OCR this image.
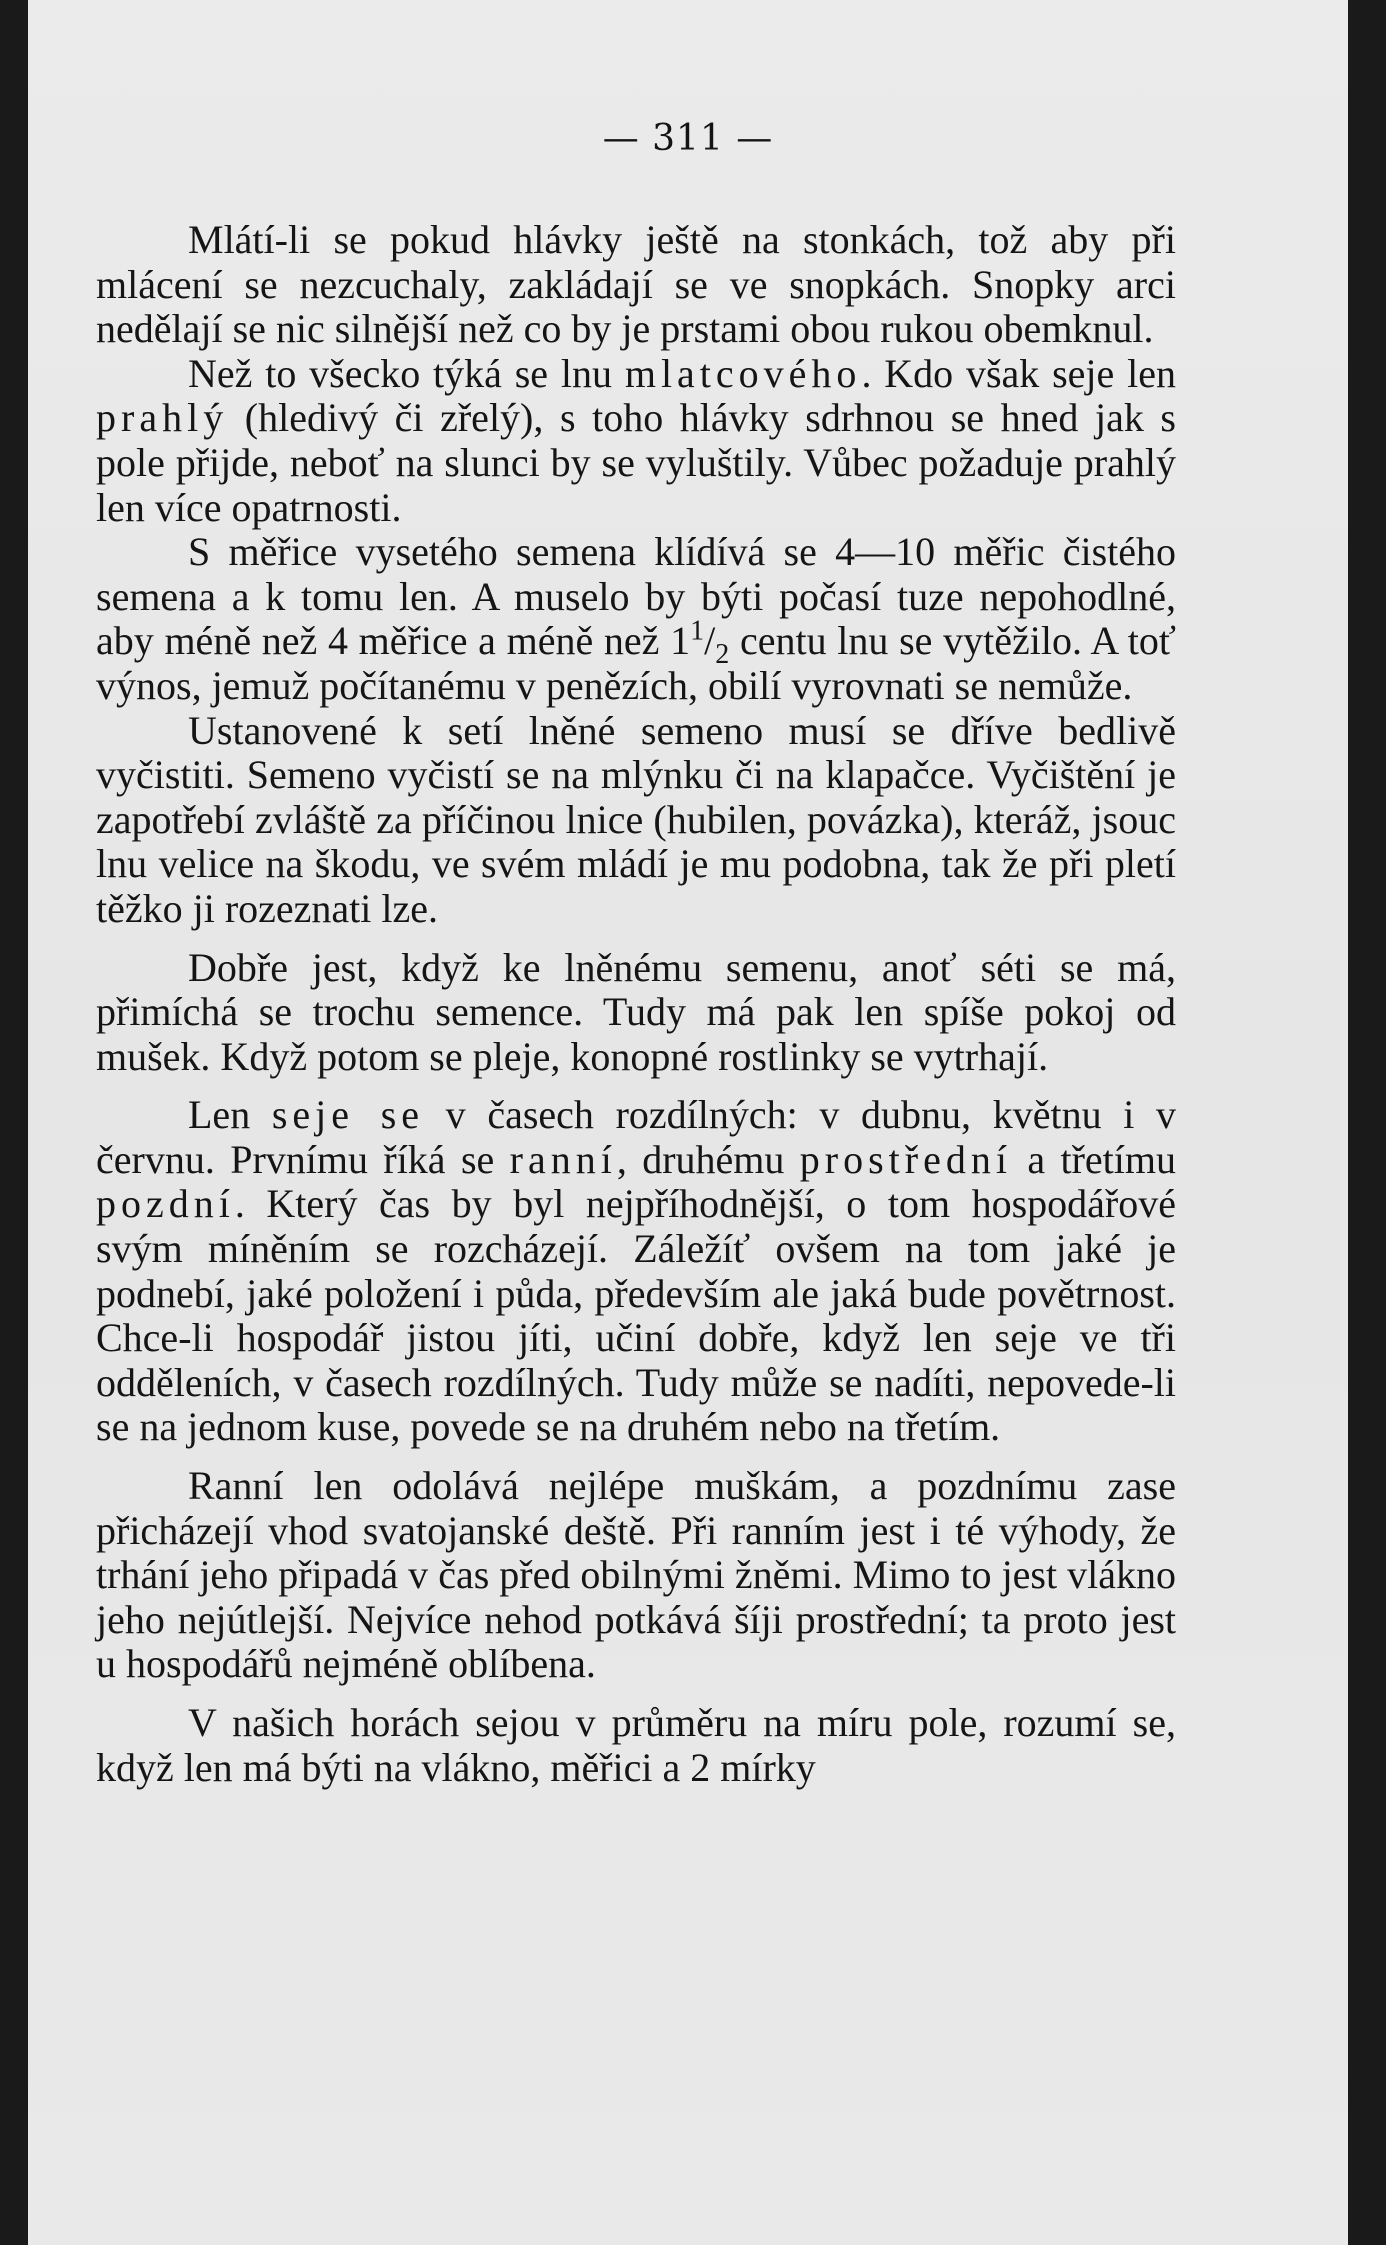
— 311 —

Mlátí-li se pokud hlávky ještě na stonkách, tož aby při mlácení se nezcuchaly, zakládají se ve snopkách. Snopky arci nedělají se nic silnější než co by je prstami obou rukou obemknul.

Než to všecko týká se lnu mlatcového. Kdo však seje len prahlý (hledivý či zřelý), s toho hlávky sdrhnou se hned jak s pole přijde, neboť na slunci by se vyluštily. Vůbec požaduje prahlý len více opatrnosti.

S měřice vysetého semena klídívá se 4—10 měřic čistého semena a k tomu len. A muselo by býti počasí tuze nepohodlné, aby méně než 4 měřice a méně než $1^1/_2$ centu lnu se vytěžilo. A toť výnos, jemuž počítanému v penězích, obilí vyrovnati se nemůže.

Ustanovené k setí lněné semeno musí se dříve bedlivě vyčistiti. Semeno vyčistí se na mlýnku či na klapačce. Vyčištění je zapotřebí zvláště za příčinou lnice (hubilen, povázka), kteráž, jsouc lnu velice na škodu, ve svém mládí je mu podobna, tak že při pletí těžko ji rozeznati lze.

Dobře jest, když ke lněnému semenu, anoť séti se má, přimíchá se trochu semence. Tudy má pak len spíše pokoj od mušek. Když potom se pleje, konopné rostlinky se vytrhají.

Len seje se v časech rozdílných: v dubnu, květnu i v červnu. Prvnímu říká se ranní, druhému prostřední a třetímu pozdní. Který čas by byl nejpříhodnější, o tom hospodářové svým míněním se rozcházejí. Záležíť ovšem na tom jaké je podnebí, jaké položení i půda, především ale jaká bude povětrnost. Chce-li hospodář jistou jíti, učiní dobře, když len seje ve tři odděleních, v časech rozdílných. Tudy může se nadíti, nepovede-li se na jednom kuse, povede se na druhém nebo na třetím.

Ranní len odolává nejlépe muškám, a pozdnímu zase přicházejí vhod svatojanské deště. Při ranním jest i té výhody, že trhání jeho připadá v čas před obilnými žněmi. Mimo to jest vlákno jeho nejútlejší. Nejvíce nehod potkává šíji prostřední; ta proto jest u hospodářů nejméně oblíbena.

V našich horách sejou v průměru na míru pole, rozumí se, když len má býti na vlákno, měřici a 2 mírky
